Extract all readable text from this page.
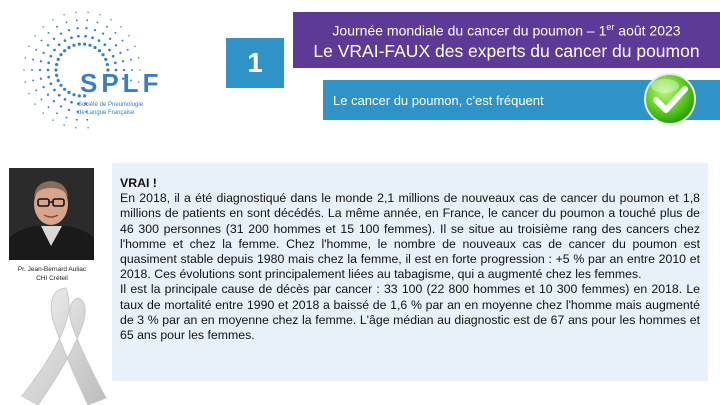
SPLF
Société de Pneumologie
de Langue Française
Journée mondiale du cancer du poumon – 1er août 2023
Le VRAI-FAUX des experts du cancer du poumon
1
Le cancer du poumon, c'est fréquent
Pr. Jean-Bernard Auliac
CHI Créteil

VRAI !

En 2018, il a été diagnostiqué dans le monde 2,1 millions de nouveaux cas de cancer du poumon et 1,8 millions de patients en sont décédés. La même année, en France, le cancer du poumon a touché plus de 46 300 personnes (31 200 hommes et 15 100 femmes). Il se situe au troisième rang des cancers chez l'homme et chez la femme. Chez l'homme, le nombre de nouveaux cas de cancer du poumon est quasiment stable depuis 1980 mais chez la femme, il est en forte progression : +5 % par an entre 2010 et 2018. Ces évolutions sont principalement liées au tabagisme, qui a augmenté chez les femmes.

Il est la principale cause de décès par cancer : 33 100 (22 800 hommes et 10 300 femmes) en 2018. Le taux de mortalité entre 1990 et 2018 a baissé de 1,6 % par an en moyenne chez l'homme mais augmenté de 3 % par an en moyenne chez la femme. L'âge médian au diagnostic est de 67 ans pour les hommes et 65 ans pour les femmes.
